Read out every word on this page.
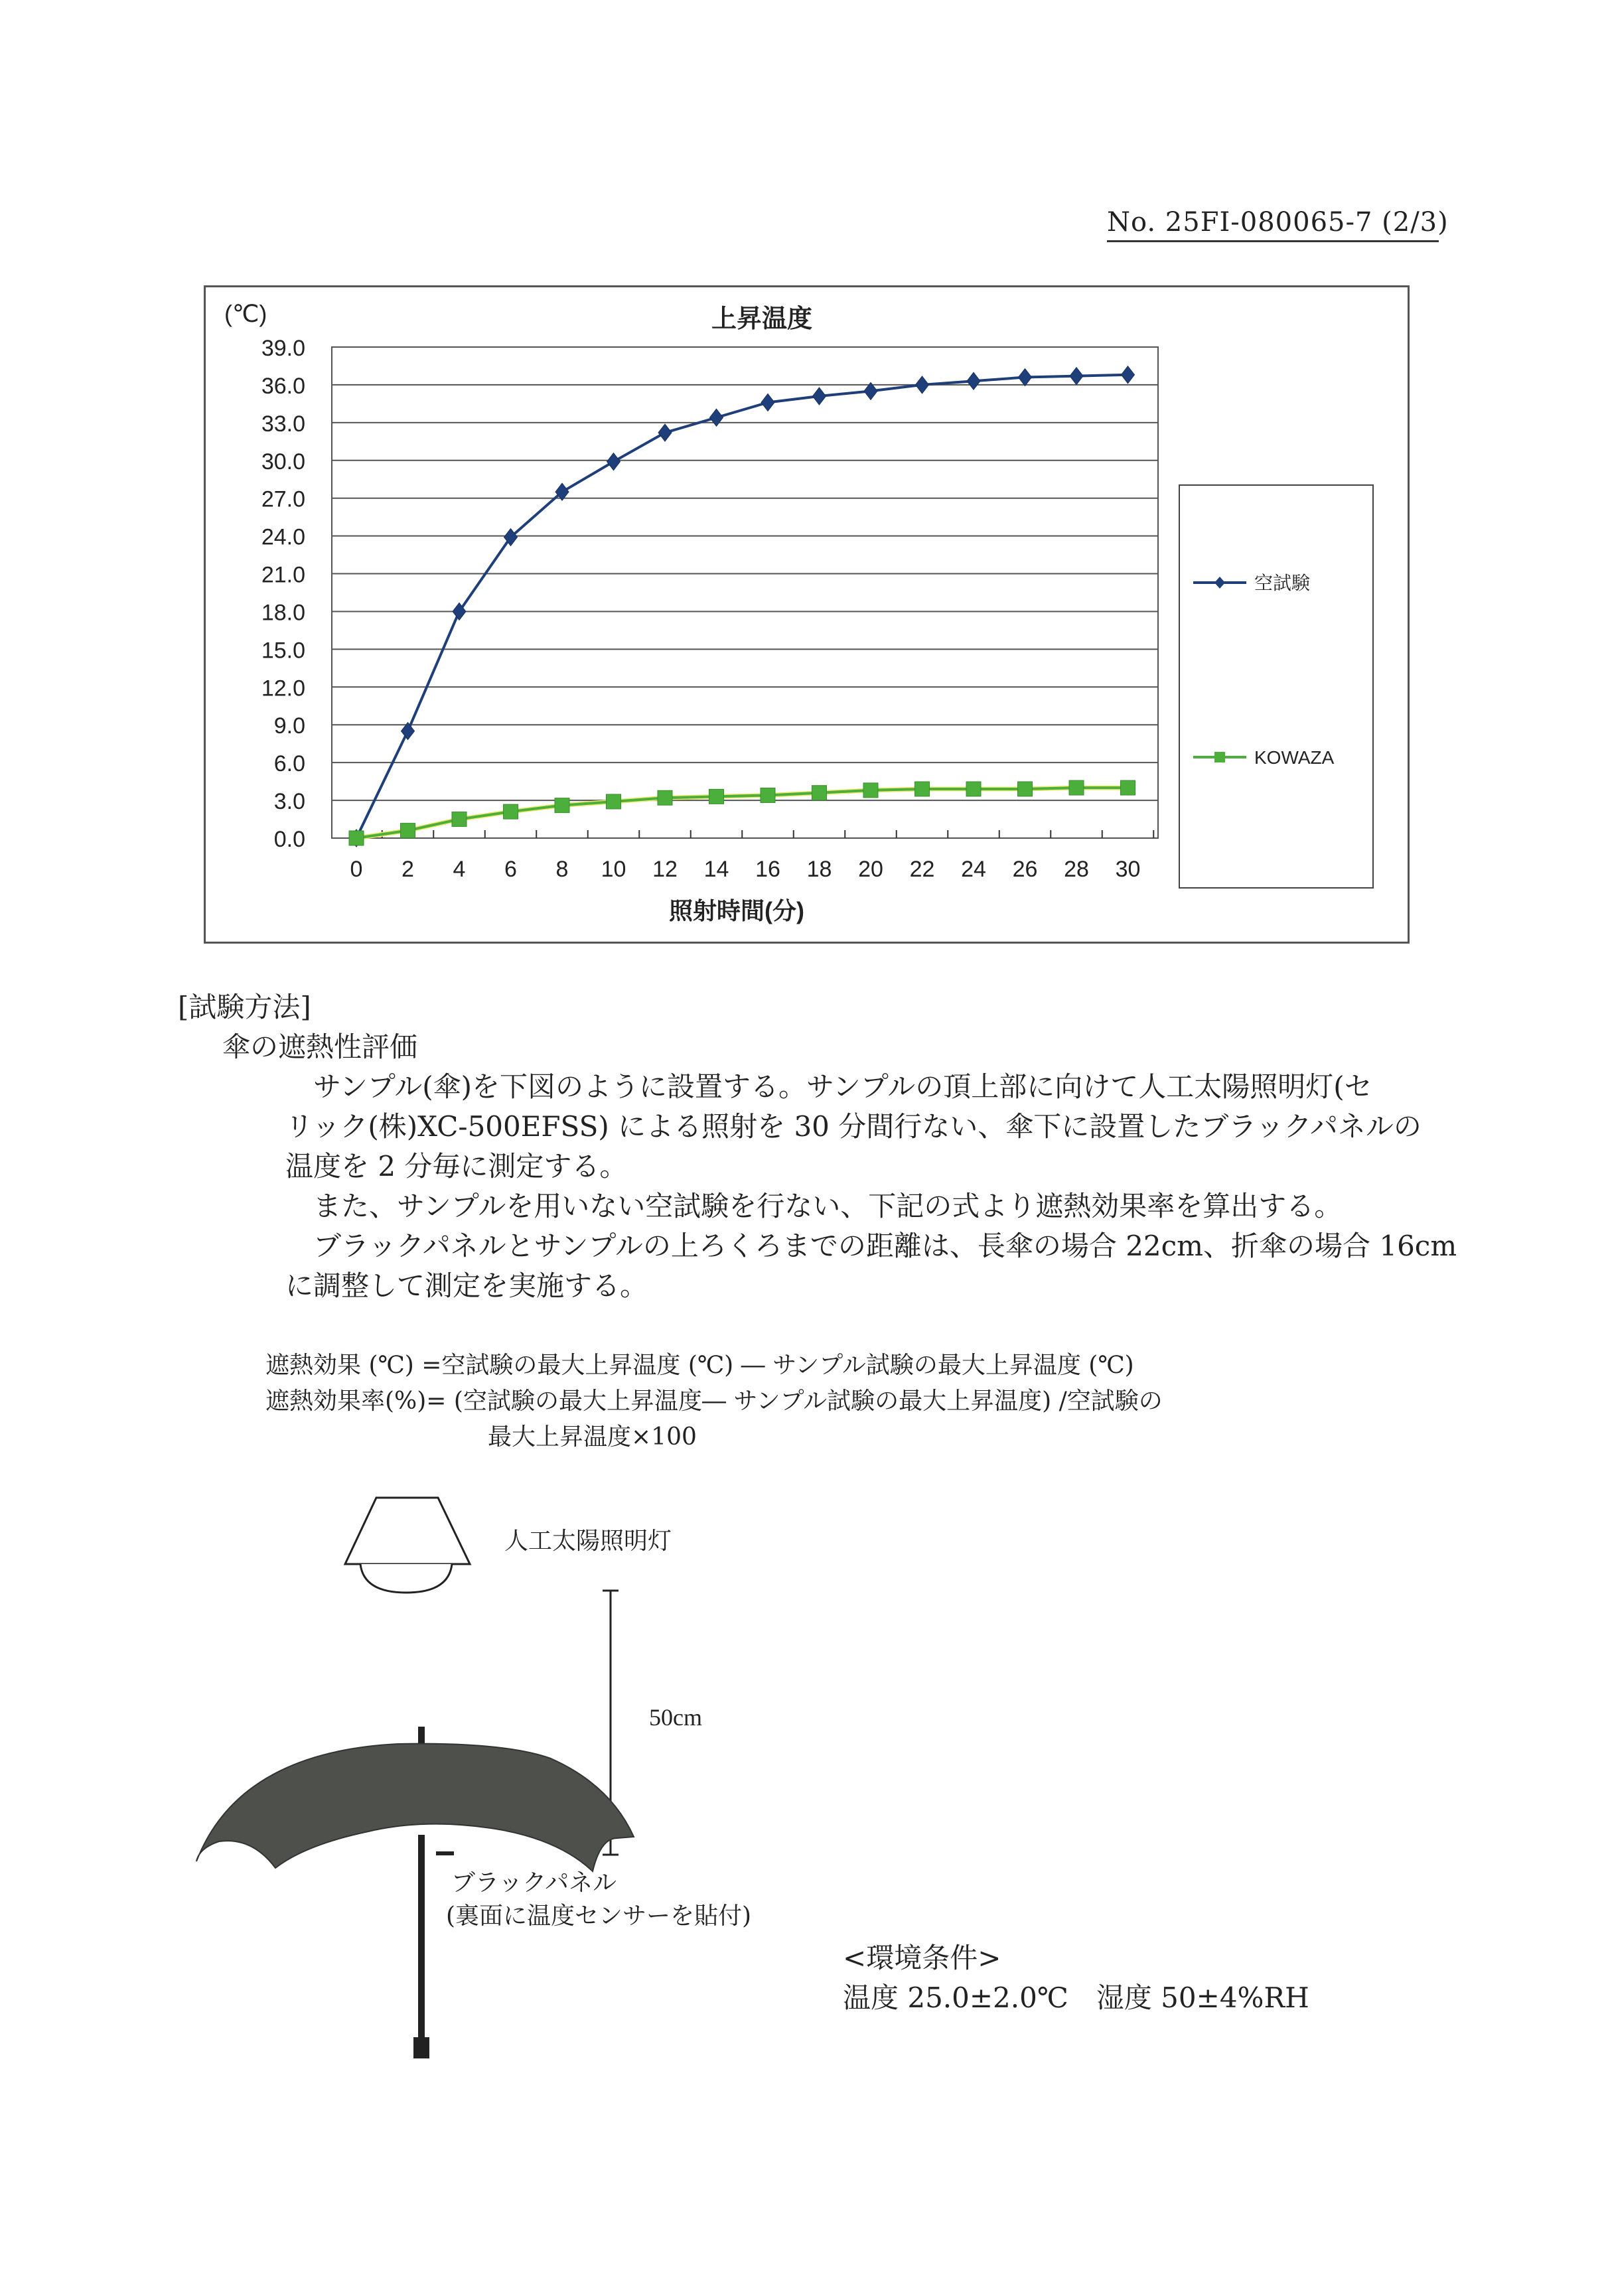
No. 25FI-080065-7 (2/3)
39.0
36.0
33.0
30.0
27.0
24.0
21.0
18.0
15.0
12.0
9.0
6.0
3.0
0.0
0 2 4 6 8 10 12 14 16 18 20 22 24 26 28 30
(℃)	上昇温度
照射時間(分)
空試験
KOWAZA
[試験方法]
傘の遮熱性評価
サンプル(傘)を下図のように設置する。サンプルの頂上部に向けて人工太陽照明灯(セ
リック(株)XC-500EFSS) による照射を 30 分間行ない、傘下に設置したブラックパネルの
温度を 2 分毎に測定する。
また、サンプルを用いない空試験を行ない、下記の式より遮熱効果率を算出する。
ブラックパネルとサンプルの上ろくろまでの距離は、長傘の場合 22cm、折傘の場合 16cm
に調整して測定を実施する。
遮熱効果 (℃) =空試験の最大上昇温度 (℃) ― サンプル試験の最大上昇温度 (℃)
遮熱効果率(%)= (空試験の最大上昇温度― サンプル試験の最大上昇温度) /空試験の
最大上昇温度×100
人工太陽照明灯
50cm
ブラックパネル
(裏面に温度センサーを貼付)
<環境条件>
温度 25.0±2.0℃　湿度 50±4%RH
